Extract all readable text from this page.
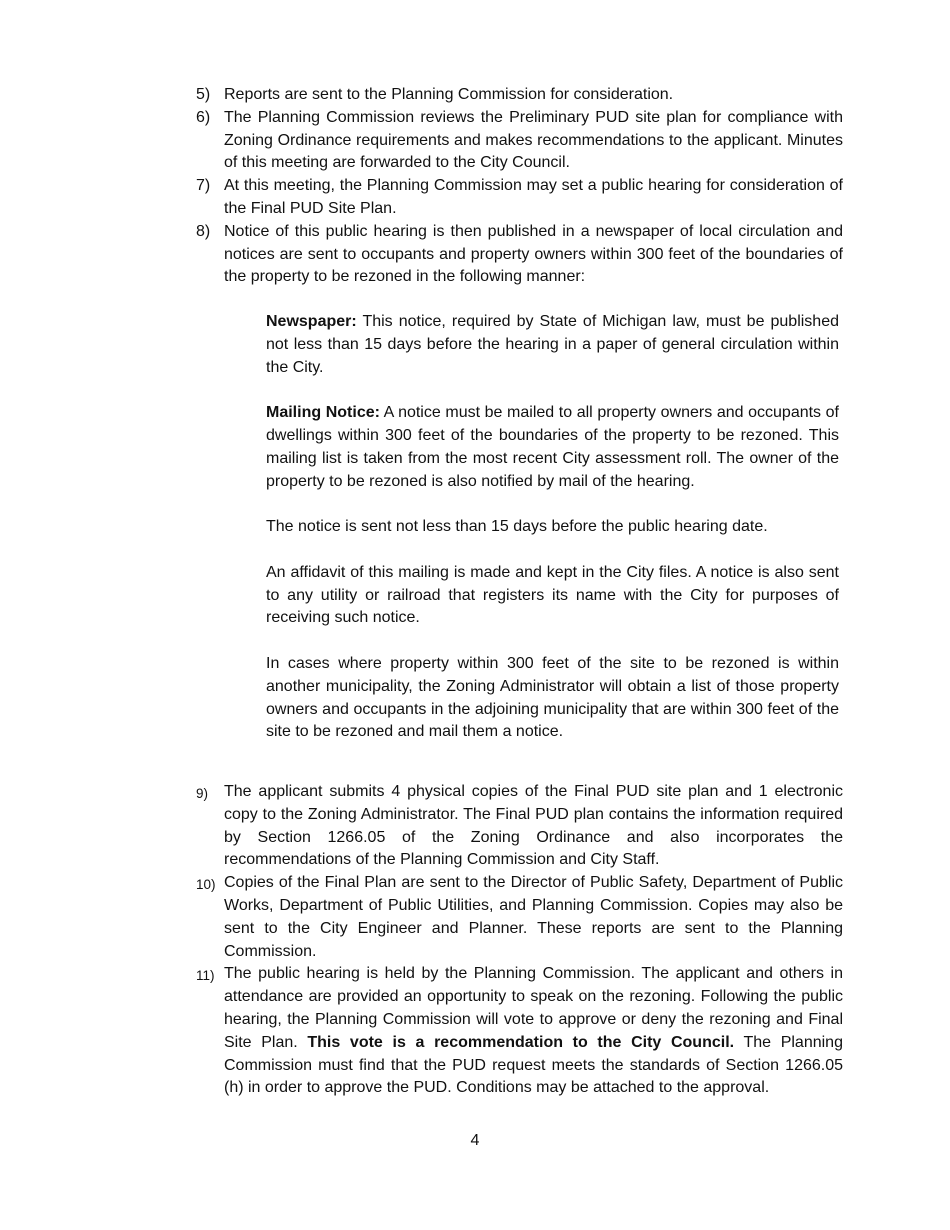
5) Reports are sent to the Planning Commission for consideration.
6) The Planning Commission reviews the Preliminary PUD site plan for compliance with Zoning Ordinance requirements and makes recommendations to the applicant. Minutes of this meeting are forwarded to the City Council.
7) At this meeting, the Planning Commission may set a public hearing for consideration of the Final PUD Site Plan.
8) Notice of this public hearing is then published in a newspaper of local circulation and notices are sent to occupants and property owners within 300 feet of the boundaries of the property to be rezoned in the following manner:

Newspaper: This notice, required by State of Michigan law, must be published not less than 15 days before the hearing in a paper of general circulation within the City.

Mailing Notice: A notice must be mailed to all property owners and occupants of dwellings within 300 feet of the boundaries of the property to be rezoned. This mailing list is taken from the most recent City assessment roll. The owner of the property to be rezoned is also notified by mail of the hearing.

The notice is sent not less than 15 days before the public hearing date.

An affidavit of this mailing is made and kept in the City files. A notice is also sent to any utility or railroad that registers its name with the City for purposes of receiving such notice.

In cases where property within 300 feet of the site to be rezoned is within another municipality, the Zoning Administrator will obtain a list of those property owners and occupants in the adjoining municipality that are within 300 feet of the site to be rezoned and mail them a notice.

9) The applicant submits 4 physical copies of the Final PUD site plan and 1 electronic copy to the Zoning Administrator. The Final PUD plan contains the information required by Section 1266.05 of the Zoning Ordinance and also incorporates the recommendations of the Planning Commission and City Staff.
10) Copies of the Final Plan are sent to the Director of Public Safety, Department of Public Works, Department of Public Utilities, and Planning Commission. Copies may also be sent to the City Engineer and Planner. These reports are sent to the Planning Commission.
11) The public hearing is held by the Planning Commission. The applicant and others in attendance are provided an opportunity to speak on the rezoning. Following the public hearing, the Planning Commission will vote to approve or deny the rezoning and Final Site Plan. This vote is a recommendation to the City Council. The Planning Commission must find that the PUD request meets the standards of Section 1266.05 (h) in order to approve the PUD. Conditions may be attached to the approval.
4
